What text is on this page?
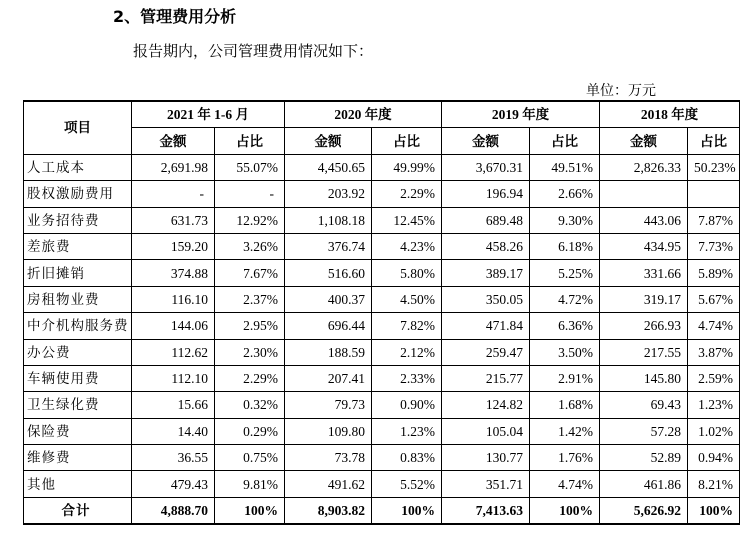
2、管理费用分析
报告期内，公司管理费用情况如下：
单位：万元
项目	2021 年 1-6 月		2020 年度		2019 年度		2018 年度	
	金额	占比	金额	占比	金额	占比	金额	占比
人工成本	2,691.98	55.07%	4,450.65	49.99%	3,670.31	49.51%	2,826.33	50.23%
股权激励费用	-	-	203.92	2.29%	196.94	2.66%		
业务招待费	631.73	12.92%	1,108.18	12.45%	689.48	9.30%	443.06	7.87%
差旅费	159.20	3.26%	376.74	4.23%	458.26	6.18%	434.95	7.73%
折旧摊销	374.88	7.67%	516.60	5.80%	389.17	5.25%	331.66	5.89%
房租物业费	116.10	2.37%	400.37	4.50%	350.05	4.72%	319.17	5.67%
中介机构服务费	144.06	2.95%	696.44	7.82%	471.84	6.36%	266.93	4.74%
办公费	112.62	2.30%	188.59	2.12%	259.47	3.50%	217.55	3.87%
车辆使用费	112.10	2.29%	207.41	2.33%	215.77	2.91%	145.80	2.59%
卫生绿化费	15.66	0.32%	79.73	0.90%	124.82	1.68%	69.43	1.23%
保险费	14.40	0.29%	109.80	1.23%	105.04	1.42%	57.28	1.02%
维修费	36.55	0.75%	73.78	0.83%	130.77	1.76%	52.89	0.94%
其他	479.43	9.81%	491.62	5.52%	351.71	4.74%	461.86	8.21%
合计	4,888.70	100%	8,903.82	100%	7,413.63	100%	5,626.92	100%
